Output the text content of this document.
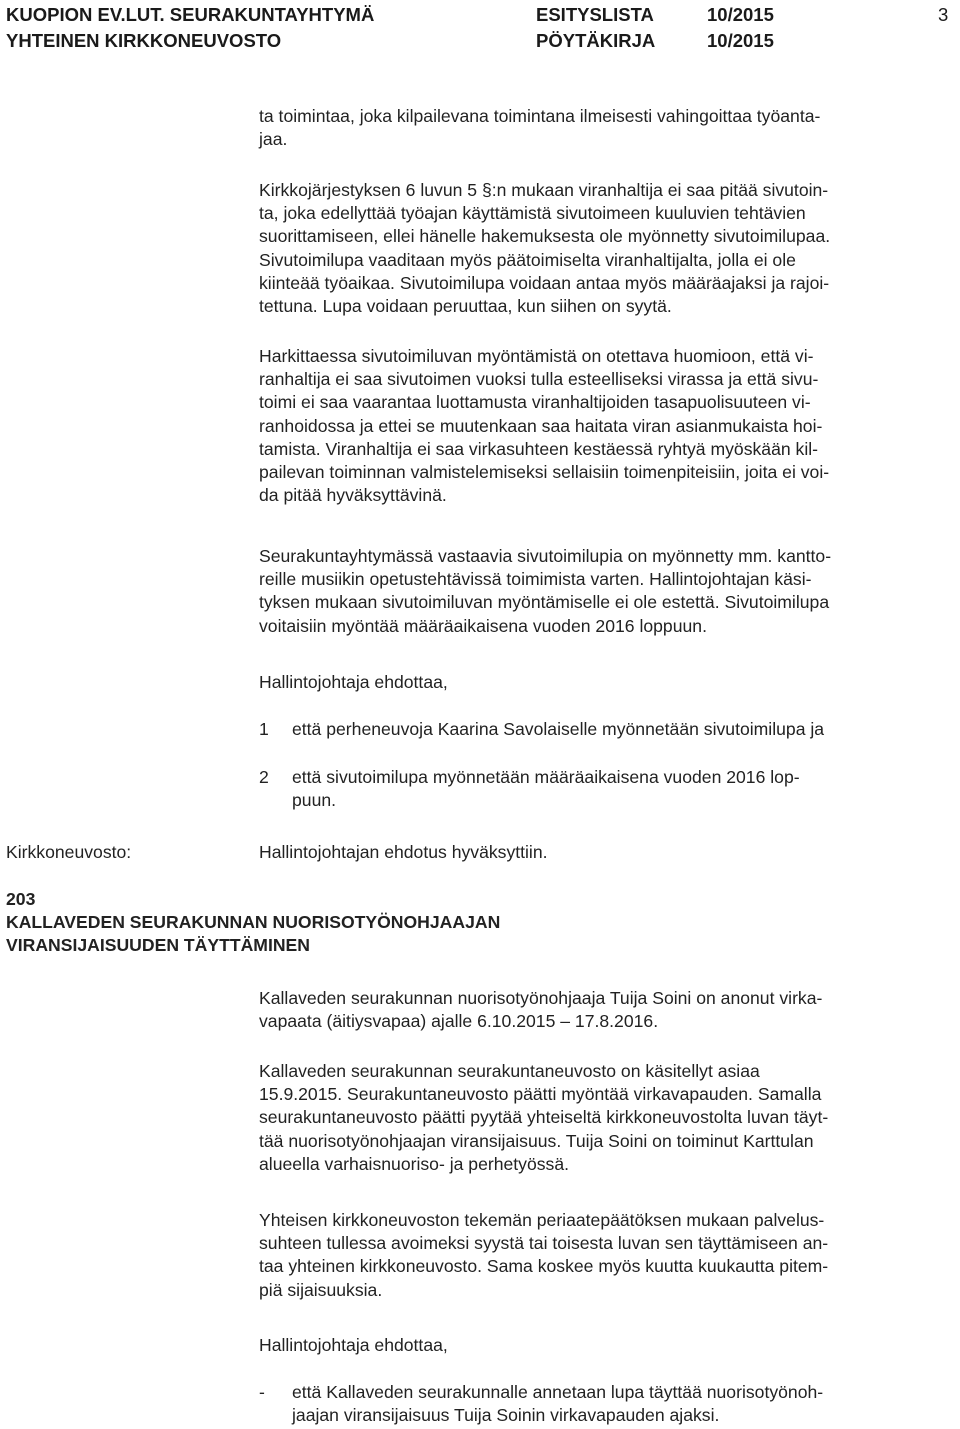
KUOPION EV.LUT. SEURAKUNTAYHTYMÄ
YHTEINEN KIRKKONEUVOSTO
ESITYSLISTA
PÖYTÄKIRJA
10/2015
10/2015
3

ta toimintaa, joka kilpailevana toimintana ilmeisesti vahingoittaa työanta-
jaa.

Kirkkojärjestyksen 6 luvun 5 §:n mukaan viranhaltija ei saa pitää sivutoin-
ta, joka edellyttää työajan käyttämistä sivutoimeen kuuluvien tehtävien
suorittamiseen, ellei hänelle hakemuksesta ole myönnetty sivutoimilupaa.
Sivutoimilupa vaaditaan myös päätoimiselta viranhaltijalta, jolla ei ole
kiinteää työaikaa. Sivutoimilupa voidaan antaa myös määräajaksi ja rajoi-
tettuna. Lupa voidaan peruuttaa, kun siihen on syytä.

Harkittaessa sivutoimiluvan myöntämistä on otettava huomioon, että vi-
ranhaltija ei saa sivutoimen vuoksi tulla esteelliseksi virassa ja että sivu-
toimi ei saa vaarantaa luottamusta viranhaltijoiden tasapuolisuuteen vi-
ranhoidossa ja ettei se muutenkaan saa haitata viran asianmukaista hoi-
tamista. Viranhaltija ei saa virkasuhteen kestäessä ryhtyä myöskään kil-
pailevan toiminnan valmistelemiseksi sellaisiin toimenpiteisiin, joita ei voi-
da pitää hyväksyttävinä.

Seurakuntayhtymässä vastaavia sivutoimilupia on myönnetty mm. kantto-
reille musiikin opetustehtävissä toimimista varten. Hallintojohtajan käsi-
tyksen mukaan sivutoimiluvan myöntämiselle ei ole estettä. Sivutoimilupa
voitaisiin myöntää määräaikaisena vuoden 2016 loppuun.

Hallintojohtaja ehdottaa,
1 että perheneuvoja Kaarina Savolaiselle myönnetään sivutoimilupa ja
2 että sivutoimilupa myönnetään määräaikaisena vuoden 2016 lop-
puun.
Kirkkoneuvosto:	Hallintojohtajan ehdotus hyväksyttiin.
203
KALLAVEDEN SEURAKUNNAN NUORISOTYÖNOHJAAJAN
VIRANSIJAISUUDEN TÄYTTÄMINEN

Kallaveden seurakunnan nuorisotyönohjaaja Tuija Soini on anonut virka-
vapaata (äitiysvapaa) ajalle 6.10.2015 – 17.8.2016.

Kallaveden seurakunnan seurakuntaneuvosto on käsitellyt asiaa
15.9.2015. Seurakuntaneuvosto päätti myöntää virkavapauden. Samalla
seurakuntaneuvosto päätti pyytää yhteiseltä kirkkoneuvostolta luvan täyt-
tää nuorisotyönohjaajan viransijaisuus. Tuija Soini on toiminut Karttulan
alueella varhaisnuoriso- ja perhetyössä.

Yhteisen kirkkoneuvoston tekemän periaatepäätöksen mukaan palvelus-
suhteen tullessa avoimeksi syystä tai toisesta luvan sen täyttämiseen an-
taa yhteinen kirkkoneuvosto. Sama koskee myös kuutta kuukautta pitem-
piä sijaisuuksia.

Hallintojohtaja ehdottaa,
- että Kallaveden seurakunnalle annetaan lupa täyttää nuorisotyönoh-
jaajan viransijaisuus Tuija Soinin virkavapauden ajaksi.
